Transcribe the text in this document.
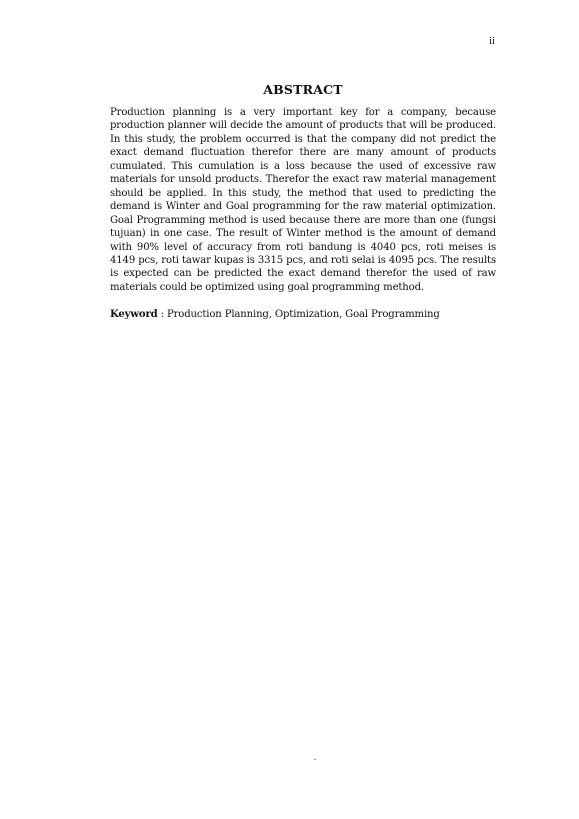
ii
ABSTRACT

Production planning is a very important key for a company, because production planner will decide the amount of products that will be produced. In this study, the problem occurred is that the company did not predict the exact demand fluctuation therefor there are many amount of products cumulated. This cumulation is a loss because the used of excessive raw materials for unsold products. Therefor the exact raw material management should be applied. In this study, the method that used to predicting the demand is Winter and Goal programming for the raw material optimization. Goal Programming method is used because there are more than one (fungsi tujuan) in one case. The result of Winter method is the amount of demand with 90% level of accuracy from roti bandung is 4040 pcs, roti meises is 4149 pcs, roti tawar kupas is 3315 pcs, and roti selai is 4095 pcs. The results is expected can be predicted the exact demand therefor the used of raw materials could be optimized using goal programming method.

Keyword : Production Planning, Optimization, Goal Programming
.
